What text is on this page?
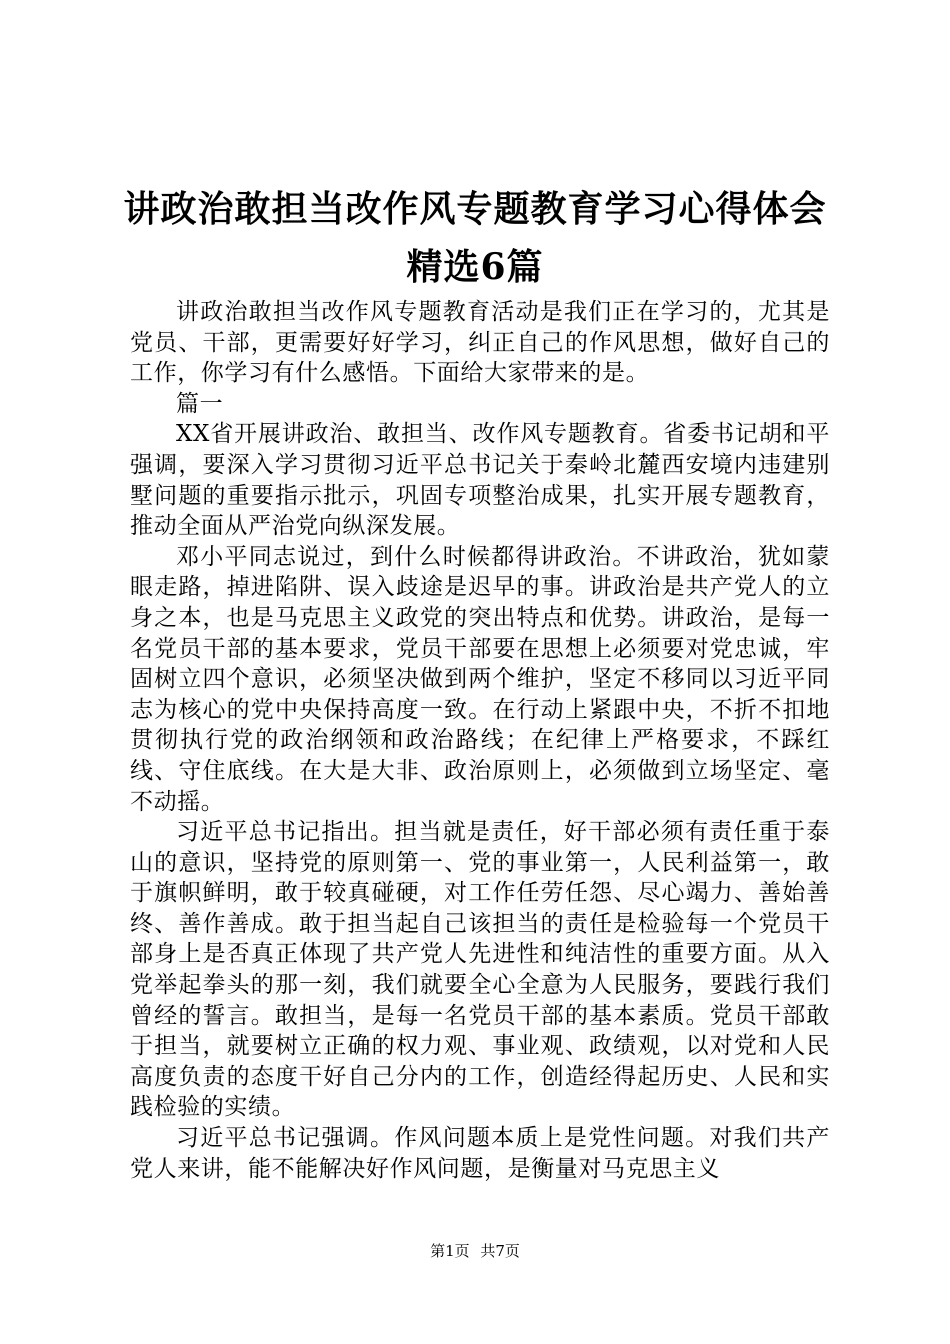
讲政治敢担当改作风专题教育学习心得体会精选6篇

讲政治敢担当改作风专题教育活动是我们正在学习的，尤其是党员、干部，更需要好好学习，纠正自己的作风思想，做好自己的工作，你学习有什么感悟。下面给大家带来的是。

篇一

XX省开展讲政治、敢担当、改作风专题教育。省委书记胡和平强调，要深入学习贯彻习近平总书记关于秦岭北麓西安境内违建别墅问题的重要指示批示，巩固专项整治成果，扎实开展专题教育，推动全面从严治党向纵深发展。

邓小平同志说过，到什么时候都得讲政治。不讲政治，犹如蒙眼走路，掉进陷阱、误入歧途是迟早的事。讲政治是共产党人的立身之本，也是马克思主义政党的突出特点和优势。讲政治，是每一名党员干部的基本要求，党员干部要在思想上必须要对党忠诚，牢固树立四个意识，必须坚决做到两个维护，坚定不移同以习近平同志为核心的党中央保持高度一致。在行动上紧跟中央，不折不扣地贯彻执行党的政治纲领和政治路线；在纪律上严格要求，不踩红线、守住底线。在大是大非、政治原则上，必须做到立场坚定、毫不动摇。

习近平总书记指出。担当就是责任，好干部必须有责任重于泰山的意识，坚持党的原则第一、党的事业第一，人民利益第一，敢于旗帜鲜明，敢于较真碰硬，对工作任劳任怨、尽心竭力、善始善终、善作善成。敢于担当起自己该担当的责任是检验每一个党员干部身上是否真正体现了共产党人先进性和纯洁性的重要方面。从入党举起拳头的那一刻，我们就要全心全意为人民服务，要践行我们曾经的誓言。敢担当，是每一名党员干部的基本素质。党员干部敢于担当，就要树立正确的权力观、事业观、政绩观，以对党和人民高度负责的态度干好自己分内的工作，创造经得起历史、人民和实践检验的实绩。

习近平总书记强调。作风问题本质上是党性问题。对我们共产党人来讲，能不能解决好作风问题，是衡量对马克思主义

第1页 共7页
